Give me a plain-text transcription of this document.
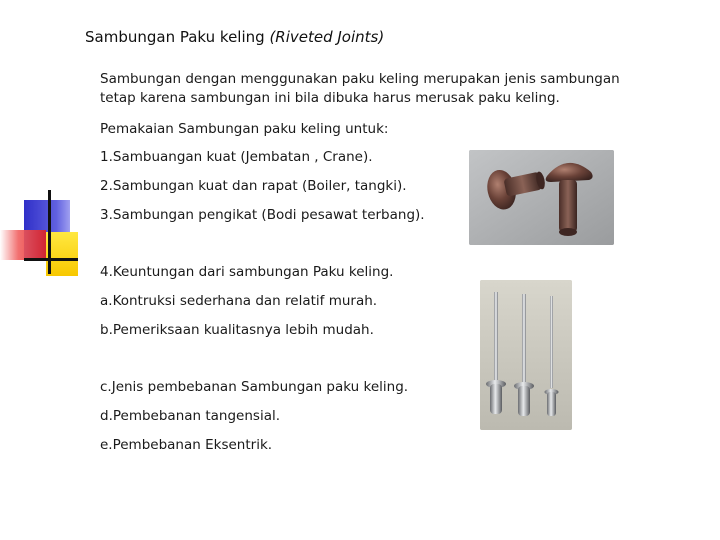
Sambungan Paku keling (Riveted Joints)
Sambungan dengan menggunakan paku keling merupakan jenis sambungan
tetap karena sambungan ini bila dibuka harus merusak paku keling.
Pemakaian Sambungan paku keling untuk:
1.Sambuangan kuat (Jembatan , Crane).
2.Sambungan kuat dan rapat (Boiler, tangki).
3.Sambungan pengikat (Bodi pesawat terbang).
4.Keuntungan dari sambungan Paku keling.
a.Kontruksi sederhana dan relatif murah.
b.Pemeriksaan kualitasnya lebih mudah.
c.Jenis pembebanan Sambungan paku keling.
d.Pembebanan tangensial.
e.Pembebanan Eksentrik.
